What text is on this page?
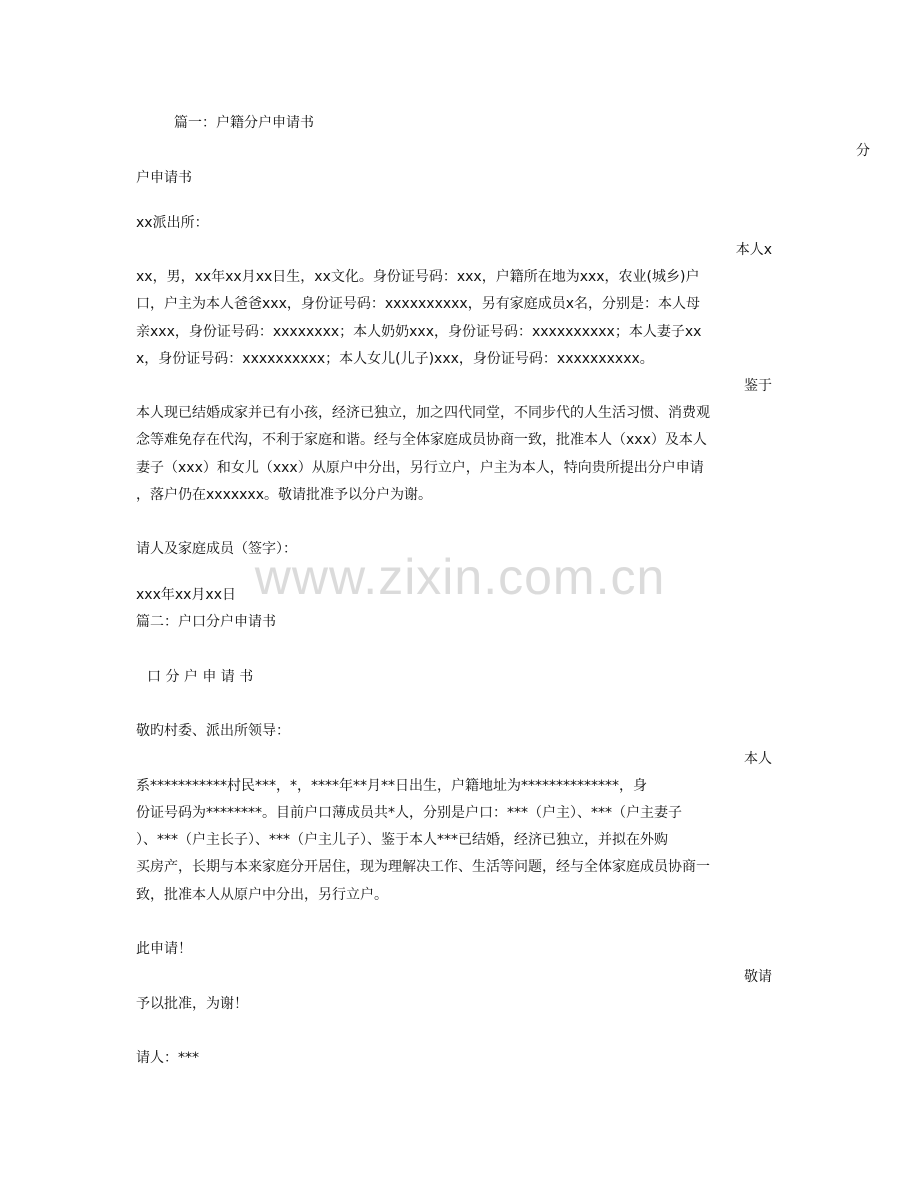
篇一：户籍分户申请书
分
户申请书
xx派出所：
本人x
xx，男，xx年xx月xx日生，xx文化。身份证号码：xxx，户籍所在地为xxx，农业(城乡)户
口，户主为本人爸爸xxx，身份证号码：xxxxxxxxxx，另有家庭成员x名，分别是：本人母
亲xxx，身份证号码：xxxxxxxx；本人奶奶xxx，身份证号码：xxxxxxxxxx；本人妻子xx
x，身份证号码：xxxxxxxxxx；本人女儿(儿子)xxx，身份证号码：xxxxxxxxxx。
鉴于
本人现已结婚成家并已有小孩，经济已独立，加之四代同堂，不同步代的人生活习惯、消费观
念等难免存在代沟，不利于家庭和谐。经与全体家庭成员协商一致，批准本人（xxx）及本人
妻子（xxx）和女儿（xxx）从原户中分出，另行立户，户主为本人，特向贵所提出分户申请
，落户仍在xxxxxxx。敬请批准予以分户为谢。
请人及家庭成员（签字）：
xxx年xx月xx日
篇二：户口分户申请书
口 分 户 申 请 书
敬旳村委、派出所领导：
本人
系***********村民***，*，****年**月**日出生，户籍地址为**************，身
份证号码为********。目前户口薄成员共*人，分别是户口：***（户主）、***（户主妻子
）、***（户主长子）、***（户主儿子）、鉴于本人***已结婚，经济已独立，并拟在外购
买房产，长期与本来家庭分开居住，现为理解决工作、生活等问题，经与全体家庭成员协商一
致，批准本人从原户中分出，另行立户。
此申请！
敬请
予以批准，为谢！
请人：***
www.zixin.com.cn
